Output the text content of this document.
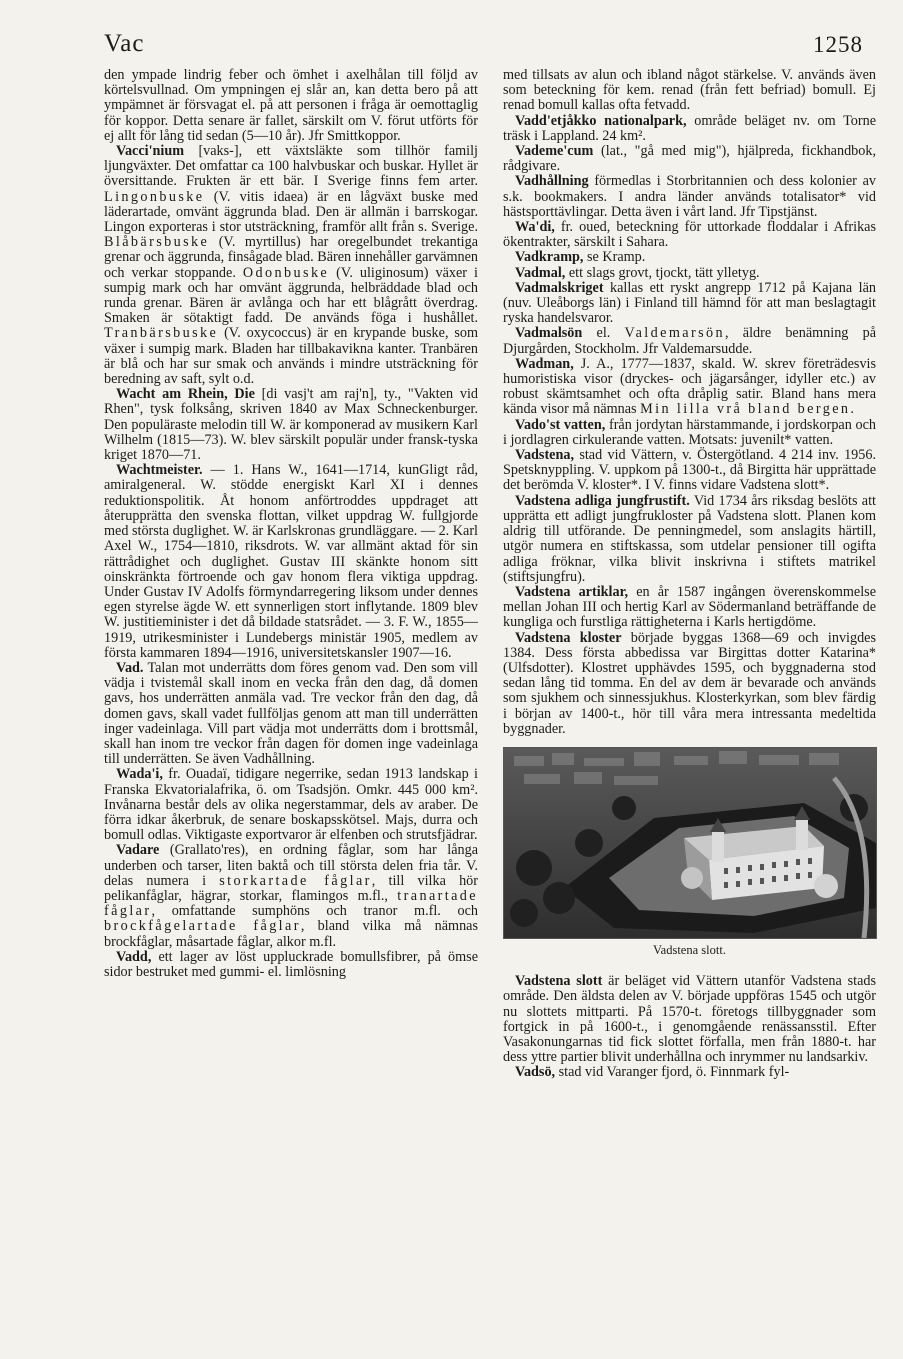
Vac	1258

den ympade lindrig feber och ömhet i axelhålan till följd av körtelsvullnad. Om ympningen ej slår an, kan detta bero på att ympämnet är försvagat el. på att personen i fråga är oemottaglig för koppor. Detta senare är fallet, särskilt om V. förut utförts för ej allt för lång tid sedan (5—10 år). Jfr Smittkoppor.

Vacci'nium [vaks-], ett växtsläkte som tillhör familj ljungväxter. Det omfattar ca 100 halvbuskar och buskar. Hyllet är översittande. Frukten är ett bär. I Sverige finns fem arter. Lingonbuske (V. vitis idaea) är en lågväxt buske med läderartade, omvänt äggrunda blad. Den är allmän i barrskogar. Lingon exporteras i stor utsträckning, framför allt från s. Sverige. Blåbärsbuske (V. myrtillus) har oregelbundet trekantiga grenar och äggrunda, finsågade blad. Bären innehåller garvämnen och verkar stoppande. Odonbuske (V. uliginosum) växer i sumpig mark och har omvänt äggrunda, helbräddade blad och runda grenar. Bären är avlånga och har ett blågrått överdrag. Smaken är sötaktigt fadd. De används föga i hushållet. Tranbärsbuske (V. oxycoccus) är en krypande buske, som växer i sumpig mark. Bladen har tillbakavikna kanter. Tranbären är blå och har sur smak och används i mindre utsträckning för beredning av saft, sylt o.d.

Wacht am Rhein, Die [di vasj't am raj'n], ty., "Vakten vid Rhen", tysk folksång, skriven 1840 av Max Schneckenburger. Den populäraste melodin till W. är komponerad av musikern Karl Wilhelm (1815—73). W. blev särskilt populär under fransk-tyska kriget 1870—71.

Wachtmeister. — 1. Hans W., 1641—1714, kunGligt råd, amiralgeneral. W. stödde energiskt Karl XI i dennes reduktionspolitik. Åt honom anförtroddes uppdraget att återupprätta den svenska flottan, vilket uppdrag W. fullgjorde med största duglighet. W. är Karlskronas grundläggare. — 2. Karl Axel W., 1754—1810, riksdrots. W. var allmänt aktad för sin rättrådighet och duglighet. Gustav III skänkte honom sitt oinskränkta förtroende och gav honom flera viktiga uppdrag. Under Gustav IV Adolfs förmyndarregering liksom under dennes egen styrelse ägde W. ett synnerligen stort inflytande. 1809 blev W. justitieminister i det då bildade statsrådet. — 3. F. W., 1855—1919, utrikesminister i Lundebergs ministär 1905, medlem av första kammaren 1894—1916, universitetskansler 1907—16.

Vad. Talan mot underrätts dom föres genom vad. Den som vill vädja i tvistemål skall inom en vecka från den dag, då domen gavs, hos underrätten anmäla vad. Tre veckor från den dag, då domen gavs, skall vadet fullföljas genom att man till underrätten inger vadeinlaga. Vill part vädja mot underrätts dom i brottsmål, skall han inom tre veckor från dagen för domen inge vadeinlaga till underrätten. Se även Vadhållning.

Wada'i, fr. Ouadaï, tidigare negerrike, sedan 1913 landskap i Franska Ekvatorialafrika, ö. om Tsadsjön. Omkr. 445 000 km². Invånarna består dels av olika negerstammar, dels av araber. De förra idkar åkerbruk, de senare boskapsskötsel. Majs, durra och bomull odlas. Viktigaste exportvaror är elfenben och strutsfjädrar.

Vadare (Grallato'res), en ordning fåglar, som har långa underben och tarser, liten baktå och till största delen fria tår. V. delas numera i storkartade fåglar, till vilka hör pelikanfåglar, hägrar, storkar, flamingos m.fl., tranartade fåglar, omfattande sumphöns och tranor m.fl. och brockfågelartade fåglar, bland vilka må nämnas brockfåglar, måsartade fåglar, alkor m.fl.

Vadd, ett lager av löst uppluckrade bomullsfibrer, på ömse sidor bestruket med gummi- el. limlösning

med tillsats av alun och ibland något stärkelse. V. används även som beteckning för kem. renad (från fett befriad) bomull. Ej renad bomull kallas ofta fetvadd.

Vadd'etjåkko nationalpark, område beläget nv. om Torne träsk i Lappland. 24 km².

Vademe'cum (lat., "gå med mig"), hjälpreda, fickhandbok, rådgivare.

Vadhållning förmedlas i Storbritannien och dess kolonier av s.k. bookmakers. I andra länder används totalisator* vid hästsporttävlingar. Detta även i vårt land. Jfr Tipstjänst.

Wa'di, fr. oued, beteckning för uttorkade floddalar i Afrikas ökentrakter, särskilt i Sahara.

Vadkramp, se Kramp.

Vadmal, ett slags grovt, tjockt, tätt ylletyg.

Vadmalskriget kallas ett ryskt angrepp 1712 på Kajana län (nuv. Uleåborgs län) i Finland till hämnd för att man beslagtagit ryska handelsvaror.

Vadmalsön el. Valdemarsön, äldre benämning på Djurgården, Stockholm. Jfr Valdemarsudde.

Wadman, J. A., 1777—1837, skald. W. skrev företrädesvis humoristiska visor (dryckes- och jägarsånger, idyller etc.) av robust skämtsamhet och ofta dråplig satir. Bland hans mera kända visor må nämnas Min lilla vrå bland bergen.

Vado'st vatten, från jordytan härstammande, i jordskorpan och i jordlagren cirkulerande vatten. Motsats: juvenilt* vatten.

Vadstena, stad vid Vättern, v. Östergötland. 4 214 inv. 1956. Spetsknyppling. V. uppkom på 1300-t., då Birgitta här upprättade det berömda V. kloster*. I V. finns vidare Vadstena slott*.

Vadstena adliga jungfrustift. Vid 1734 års riksdag beslöts att upprätta ett adligt jungfrukloster på Vadstena slott. Planen kom aldrig till utförande. De penningmedel, som anslagits härtill, utgör numera en stiftskassa, som utdelar pensioner till ogifta adliga fröknar, vilka blivit inskrivna i stiftets matrikel (stiftsjungfru).

Vadstena artiklar, en år 1587 ingången överenskommelse mellan Johan III och hertig Karl av Södermanland beträffande de kungliga och furstliga rättigheterna i Karls hertigdöme.

Vadstena kloster började byggas 1368—69 och invigdes 1384. Dess första abbedissa var Birgittas dotter Katarina* (Ulfsdotter). Klostret upphävdes 1595, och byggnaderna stod sedan lång tid tomma. En del av dem är bevarade och används som sjukhem och sinnessjukhus. Klosterkyrkan, som blev färdig i början av 1400-t., hör till våra mera intressanta medeltida byggnader.

Vadstena slott.

Vadstena slott är beläget vid Vättern utanför Vadstena stads område. Den äldsta delen av V. började uppföras 1545 och utgör nu slottets mittparti. På 1570-t. företogs tillbyggnader som fortgick in på 1600-t., i genomgående renässansstil. Efter Vasakonungarnas tid fick slottet förfalla, men från 1880-t. har dess yttre partier blivit underhållna och inrymmer nu landsarkiv.

Vadsö, stad vid Varanger fjord, ö. Finnmark fyl-
